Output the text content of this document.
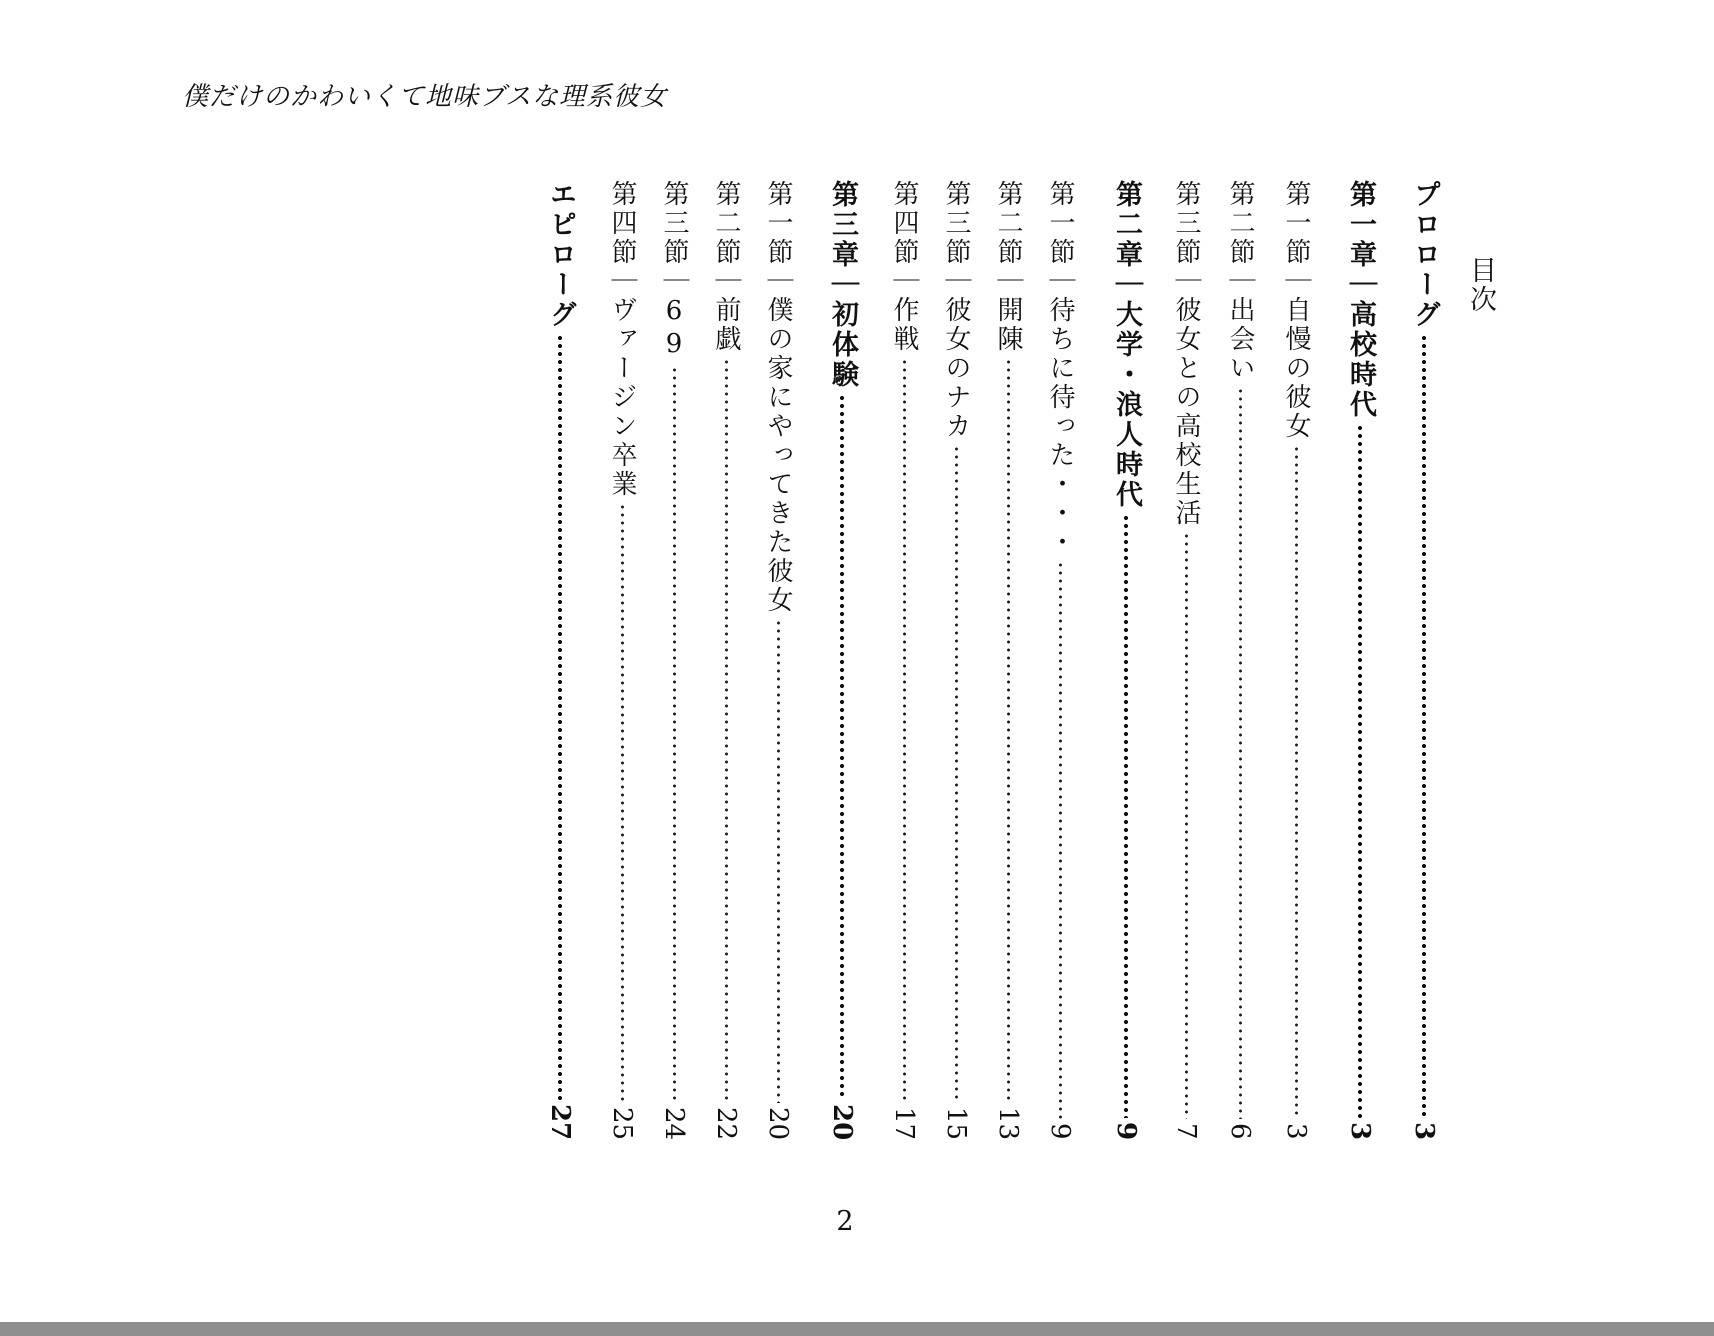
僕だけのかわいくて地味ブスな理系彼女
目次
プロローグ
3
第一章｜高校時代
3
第一節｜自慢の彼女
3
第二節｜出会い
6
第三節｜彼女との高校生活
7
第二章｜大学・浪人時代
9
第一節｜待ちに待った・・・
9
第二節｜開陳
13
第三節｜彼女のナカ
15
第四節｜作戦
17
第三章｜初体験
20
第一節｜僕の家にやってきた彼女
20
第二節｜前戯
22
第三節｜69
24
第四節｜ヴァージン卒業
25
エピローグ
27
2
